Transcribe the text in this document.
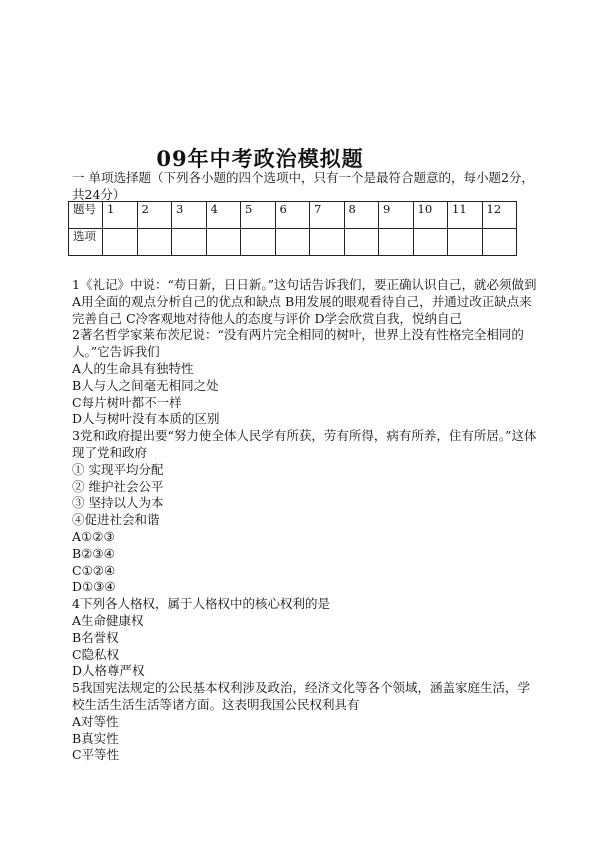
09年中考政治模拟题
一 单项选择题（下列各小题的四个选项中，只有一个是最符合题意的，每小题2分，共24分）
题号	1	2	3	4	5	6	7	8	9	10	11	12
选项												

1《礼记》中说：“苟日新，日日新。”这句话告诉我们，要正确认识自己，就必须做到

A用全面的观点分析自己的优点和缺点 B用发展的眼观看待自己，并通过改正缺点来完善自己 C冷客观地对待他人的态度与评价 D学会欣赏自我，悦纳自己

2著名哲学家莱布茨尼说：“没有两片完全相同的树叶，世界上没有性格完全相同的人。”它告诉我们

A人的生命具有独特性

B人与人之间毫无相同之处

C每片树叶都不一样

D人与树叶没有本质的区别

3党和政府提出要“努力使全体人民学有所获，劳有所得，病有所养，住有所居。”这体现了党和政府

① 实现平均分配

② 维护社会公平

③ 坚持以人为本

④促进社会和谐

A①②③

B②③④

C①②④

D①③④

4下列各人格权，属于人格权中的核心权利的是

A生命健康权

B名誉权

C隐私权

D人格尊严权

5我国宪法规定的公民基本权利涉及政治，经济文化等各个领域，涵盖家庭生活，学校生活生活生活等诸方面。这表明我国公民权利具有

A对等性

B真实性

C平等性
